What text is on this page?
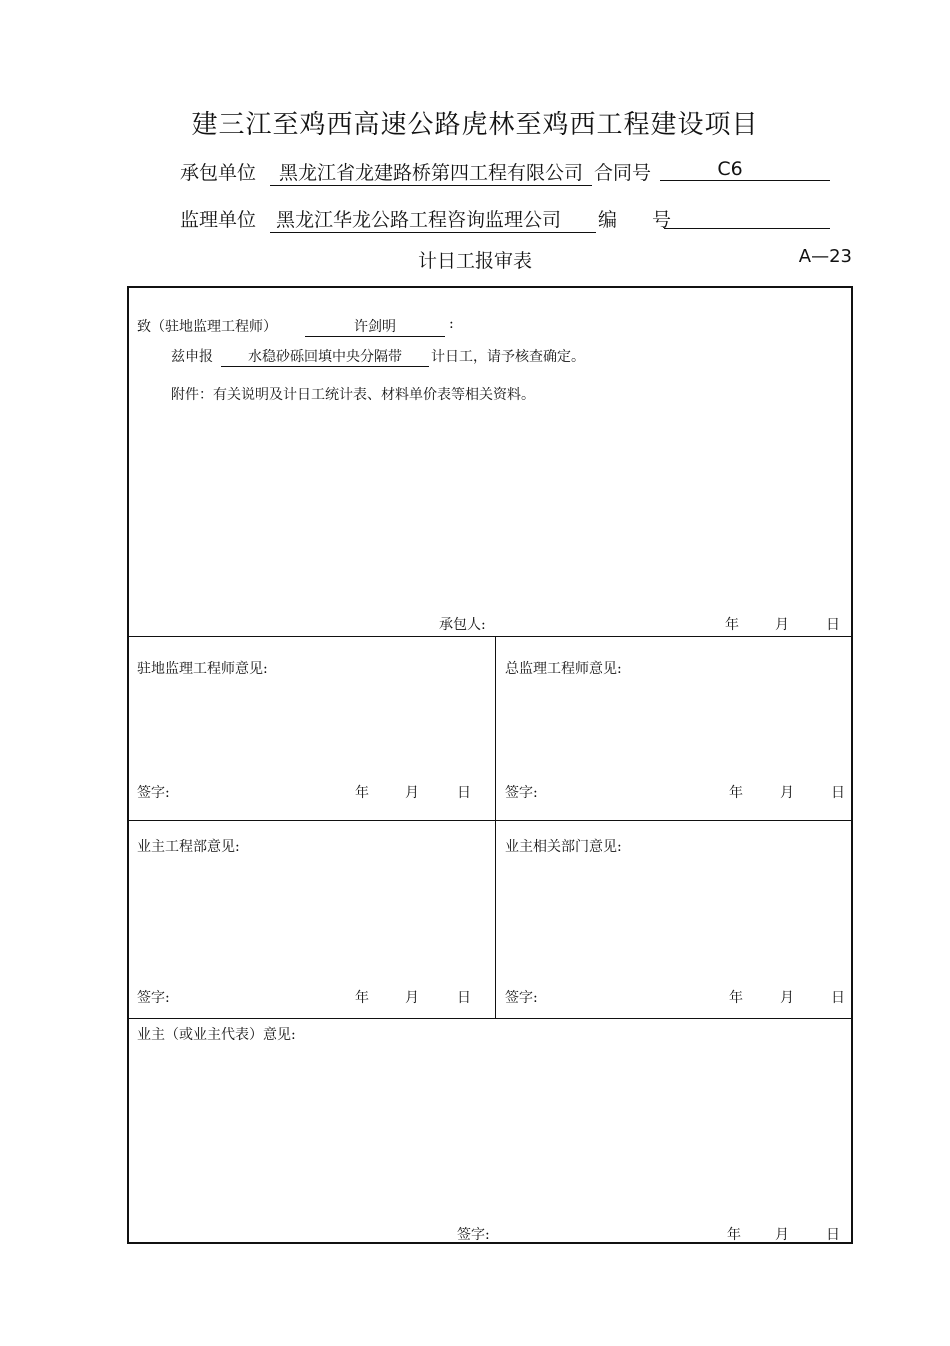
建三江至鸡西高速公路虎林至鸡西工程建设项目
承包单位	黑龙江省龙建路桥第四工程有限公司 合同号	C6
监理单位	黑龙江华龙公路工程咨询监理公司	编　号
计日工报审表	A—23
致（驻地监理工程师）	许剑明	:
兹申报	水稳砂砾回填中央分隔带	计日工，请予核查确定。
附件：有关说明及计日工统计表、材料单价表等相关资料。
承包人:	年	月	日
驻地监理工程师意见:
签字:	年	月	日
总监理工程师意见:
签字:	年	月	日
业主工程部意见:
签字:	年	月	日
业主相关部门意见:
签字:	年	月	日
业主（或业主代表）意见:
签字:	年 月	日
